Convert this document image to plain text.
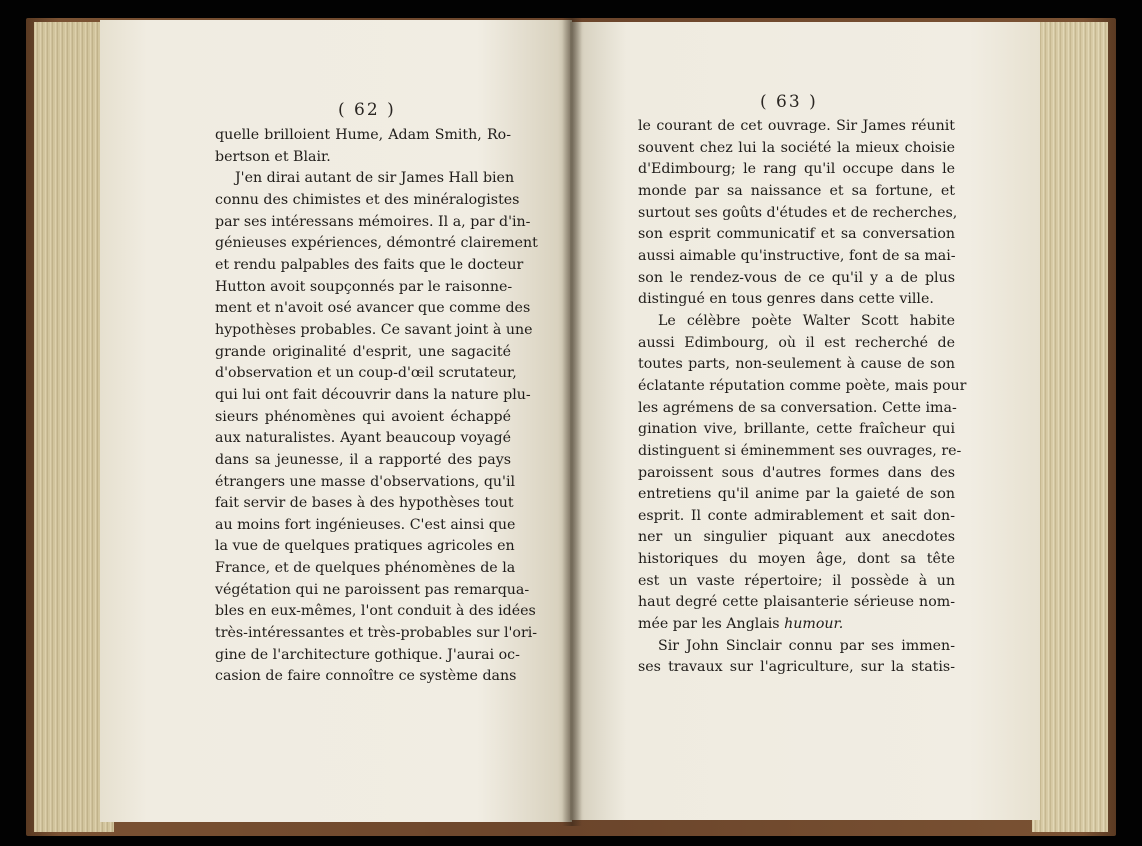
( 62 )
quelle brilloient Hume, Adam Smith, Ro-
bertson et Blair.
J'en dirai autant de sir James Hall bien
connu des chimistes et des minéralogistes
par ses intéressans mémoires. Il a, par d'in-
génieuses expériences, démontré clairement
et rendu palpables des faits que le docteur
Hutton avoit soupçonnés par le raisonne-
ment et n'avoit osé avancer que comme des
hypothèses probables. Ce savant joint à une
grande originalité d'esprit, une sagacité
d'observation et un coup-d'œil scrutateur,
qui lui ont fait découvrir dans la nature plu-
sieurs phénomènes qui avoient échappé
aux naturalistes. Ayant beaucoup voyagé
dans sa jeunesse, il a rapporté des pays
étrangers une masse d'observations, qu'il
fait servir de bases à des hypothèses tout
au moins fort ingénieuses. C'est ainsi que
la vue de quelques pratiques agricoles en
France, et de quelques phénomènes de la
végétation qui ne paroissent pas remarqua-
bles en eux-mêmes, l'ont conduit à des idées
très-intéressantes et très-probables sur l'ori-
gine de l'architecture gothique. J'aurai oc-
casion de faire connoître ce système dans
( 63 )
le courant de cet ouvrage. Sir James réunit
souvent chez lui la société la mieux choisie
d'Edimbourg; le rang qu'il occupe dans le
monde par sa naissance et sa fortune, et
surtout ses goûts d'études et de recherches,
son esprit communicatif et sa conversation
aussi aimable qu'instructive, font de sa mai-
son le rendez-vous de ce qu'il y a de plus
distingué en tous genres dans cette ville.
Le célèbre poète Walter Scott habite
aussi Edimbourg, où il est recherché de
toutes parts, non-seulement à cause de son
éclatante réputation comme poète, mais pour
les agrémens de sa conversation. Cette ima-
gination vive, brillante, cette fraîcheur qui
distinguent si éminemment ses ouvrages, re-
paroissent sous d'autres formes dans des
entretiens qu'il anime par la gaieté de son
esprit. Il conte admirablement et sait don-
ner un singulier piquant aux anecdotes
historiques du moyen âge, dont sa tête
est un vaste répertoire; il possède à un
haut degré cette plaisanterie sérieuse nom-
mée par les Anglais humour.
Sir John Sinclair connu par ses immen-
ses travaux sur l'agriculture, sur la statis-
